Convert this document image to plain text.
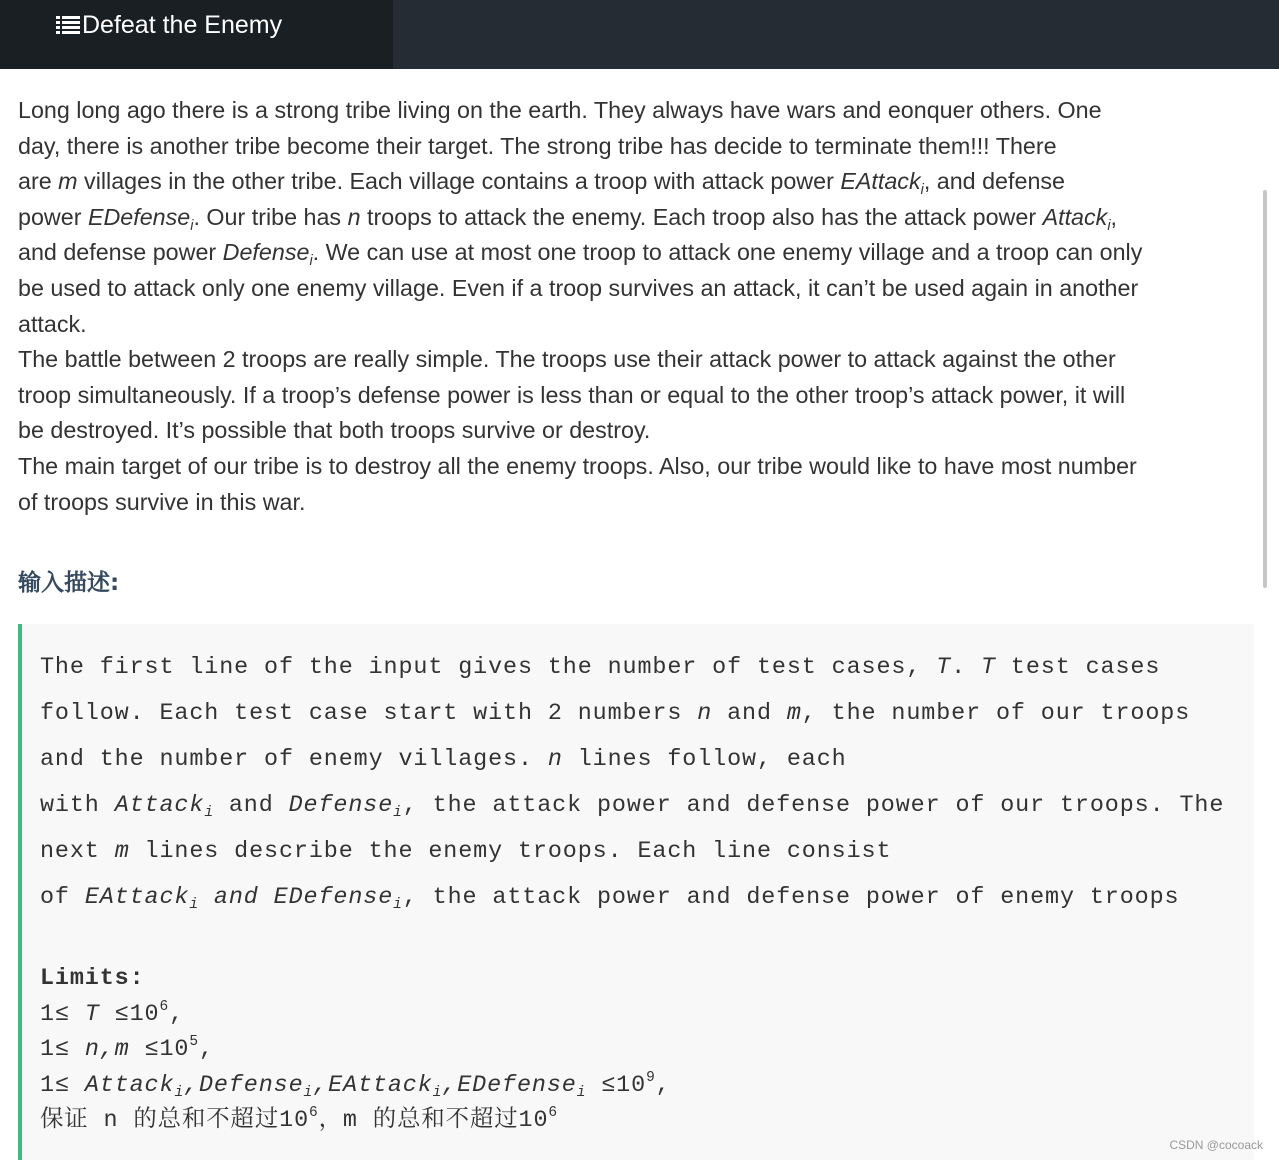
Defeat the Enemy
Long long ago there is a strong tribe living on the earth. They always have wars and eonquer others. One
day, there is another tribe become their target. The strong tribe has decide to terminate them!!! There
are m villages in the other tribe. Each village contains a troop with attack power EAttack$_i$, and defense
power EDefense$_i$. Our tribe has n troops to attack the enemy. Each troop also has the attack power Attack$_i$,
and defense power Defense$_i$. We can use at most one troop to attack one enemy village and a troop can only
be used to attack only one enemy village. Even if a troop survives an attack, it can’t be used again in another
attack.
The battle between 2 troops are really simple. The troops use their attack power to attack against the other
troop simultaneously. If a troop’s defense power is less than or equal to the other troop’s attack power, it will
be destroyed. It’s possible that both troops survive or destroy.
The main target of our tribe is to destroy all the enemy troops. Also, our tribe would like to have most number
of troops survive in this war.
输入描述:
The first line of the input gives the number of test cases, T. T test cases
follow. Each test case start with 2 numbers n and m, the number of our troops
and the number of enemy villages. n lines follow, each
with Attack$_i$ and Defense$_i$, the attack power and defense power of our troops. The
next m lines describe the enemy troops. Each line consist
of EAttack$_i$ and EDefense$_i$, the attack power and defense power of enemy troops
Limits:
$1\le T \le 10^6$,
$1\le n,m \le 10^5$,
1≤ Attack$_i$,Defense$_i$,EAttack$_i$,EDefense$_i$ $\le 10^9$,
保证 n 的总和不超过$10^6$，m 的总和不超过$10^6$
CSDN @cocoack
